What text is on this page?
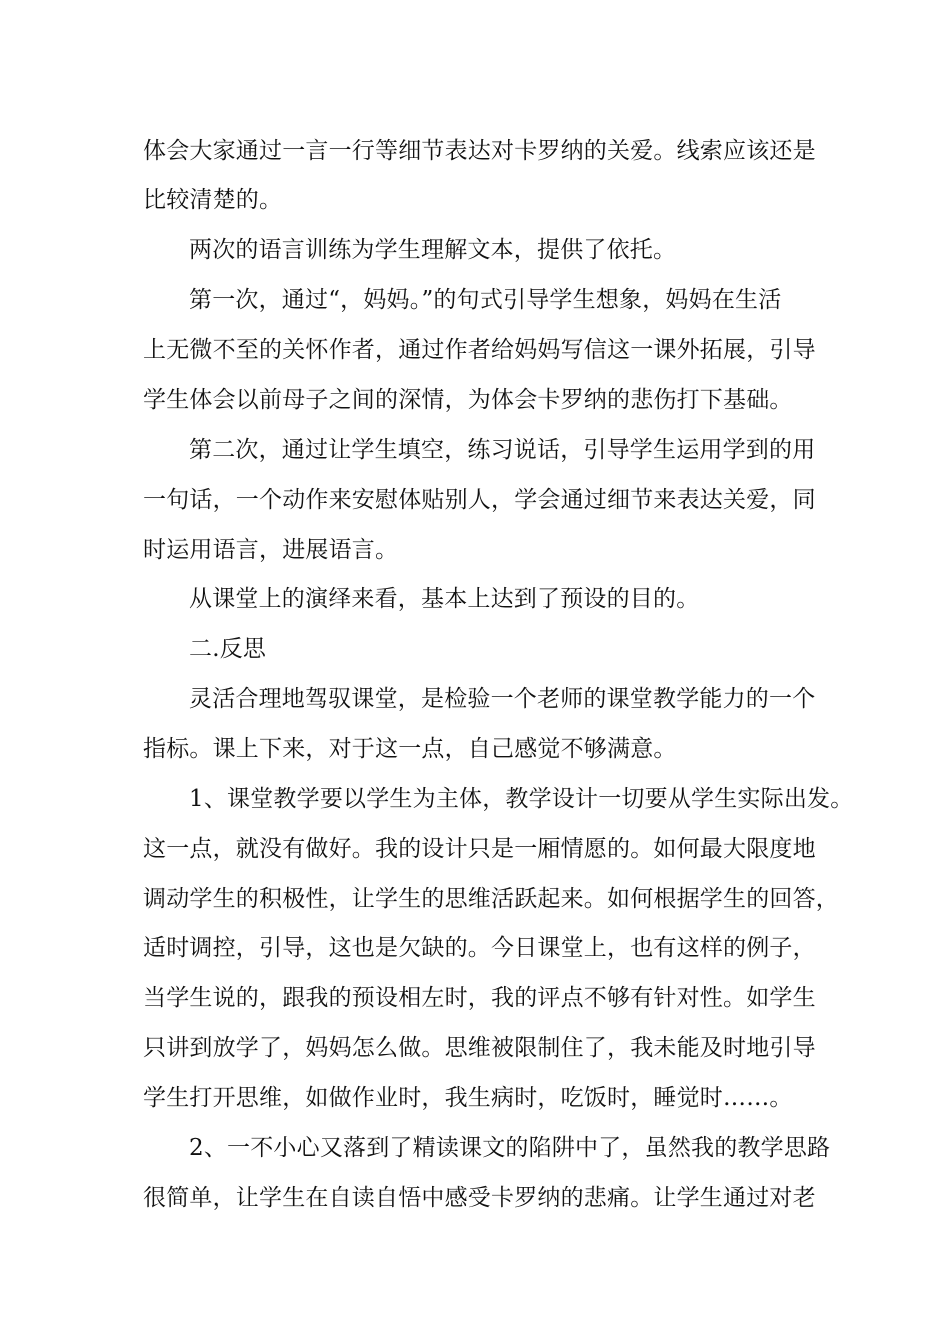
体会大家通过一言一行等细节表达对卡罗纳的关爱。线索应该还是
比较清楚的。
两次的语言训练为学生理解文本，提供了依托。
第一次，通过“，妈妈。”的句式引导学生想象，妈妈在生活
上无微不至的关怀作者，通过作者给妈妈写信这一课外拓展，引导
学生体会以前母子之间的深情，为体会卡罗纳的悲伤打下基础。
第二次，通过让学生填空，练习说话，引导学生运用学到的用
一句话，一个动作来安慰体贴别人，学会通过细节来表达关爱，同
时运用语言，进展语言。
从课堂上的演绎来看，基本上达到了预设的目的。
二.反思
灵活合理地驾驭课堂，是检验一个老师的课堂教学能力的一个
指标。课上下来，对于这一点，自己感觉不够满意。
1、课堂教学要以学生为主体，教学设计一切要从学生实际出发。
这一点，就没有做好。我的设计只是一厢情愿的。如何最大限度地
调动学生的积极性，让学生的思维活跃起来。如何根据学生的回答，
适时调控，引导，这也是欠缺的。今日课堂上，也有这样的例子，
当学生说的，跟我的预设相左时，我的评点不够有针对性。如学生
只讲到放学了，妈妈怎么做。思维被限制住了，我未能及时地引导
学生打开思维，如做作业时，我生病时，吃饭时，睡觉时……。
2、一不小心又落到了精读课文的陷阱中了，虽然我的教学思路
很简单，让学生在自读自悟中感受卡罗纳的悲痛。让学生通过对老
